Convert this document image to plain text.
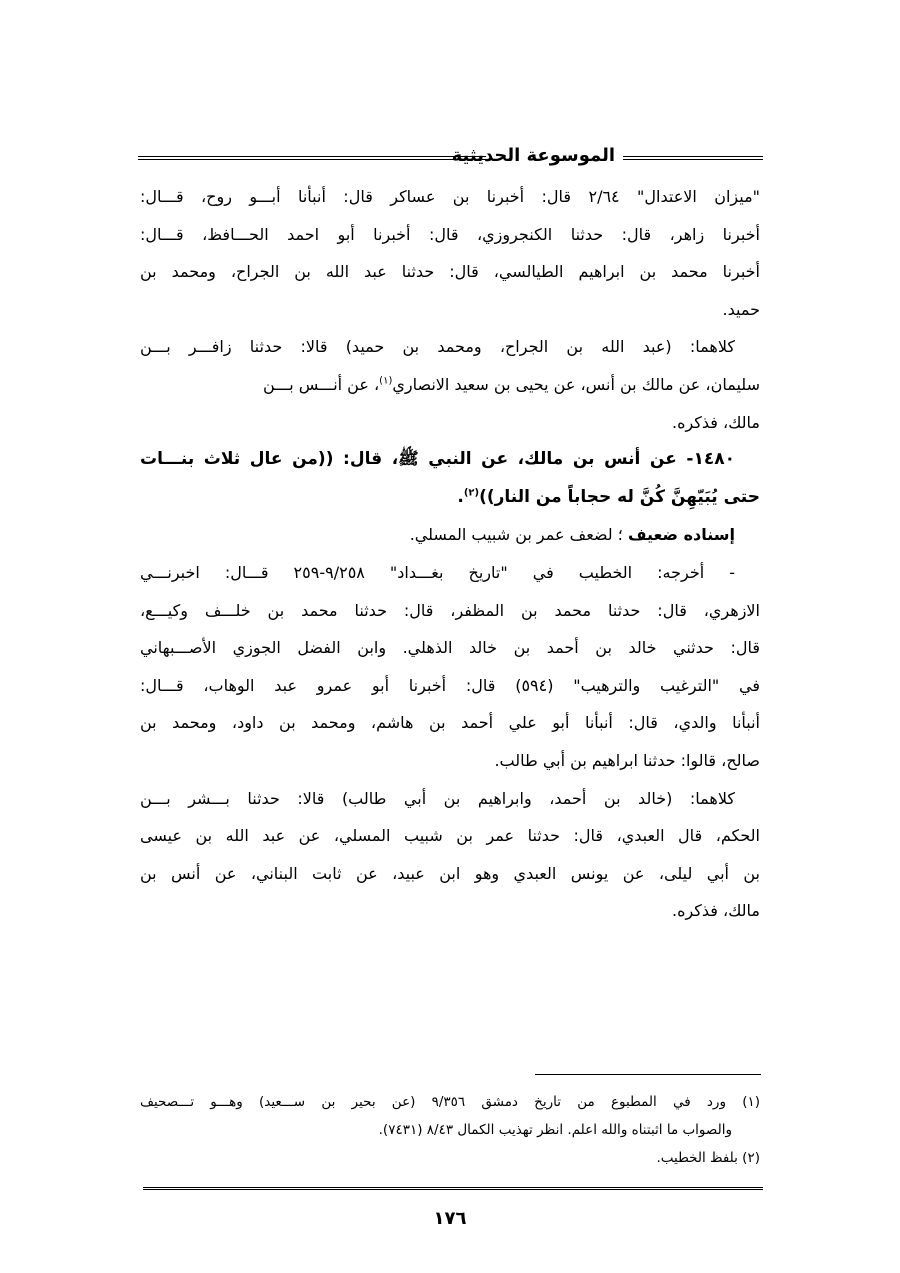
الموسوعة الحديثية
"ميزان الاعتدال" ٢/٦٤ قال: أخبرنا بن عساكر قال: أنبأنا أبـــو روح، قـــال:
أخبرنا زاهر، قال: حدثنا الكنجروزي، قال: أخبرنا أبو احمد الحـــافظ، قـــال:
أخبرنا محمد بن ابراهيم الطيالسي، قال: حدثنا عبد الله بن الجراح، ومحمد بن
حميد.
كلاهما: (عبد الله بن الجراح، ومحمد بن حميد) قالا: حدثنا زافـــر بـــن
سليمان، عن مالك بن أنس، عن يحيى بن سعيد الانصاري$^{(١)}$، عن أنـــس بـــن
مالك، فذكره.
١٤٨٠- عن أنس بن مالك، عن النبي ﷺ، قال: ((من عال ثلاث بنـــات
حتى يُبَيّهِنَّ كُنَّ له حجاباً من النار))$^{(٢)}$.
إسناده ضعيف ؛ لضعف عمر بن شبيب المسلي.
- أخرجه: الخطيب في "تاريخ بغـــداد" ٩/٢٥٨-٢٥٩ قـــال: اخبرنـــي
الازهري، قال: حدثنا محمد بن المظفر، قال: حدثنا محمد بن خلـــف وكيـــع،
قال: حدثني خالد بن أحمد بن خالد الذهلي. وابن الفضل الجوزي الأصـــبهاني
في "الترغيب والترهيب" (٥٩٤) قال: أخبرنا أبو عمرو عبد الوهاب، قـــال:
أنبأنا والدي، قال: أنبأنا أبو علي أحمد بن هاشم، ومحمد بن داود، ومحمد بن
صالح، قالوا: حدثنا ابراهيم بن أبي طالب.
كلاهما: (خالد بن أحمد، وابراهيم بن أبي طالب) قالا: حدثنا بـــشر بـــن
الحكم، قال العبدي، قال: حدثنا عمر بن شبيب المسلي، عن عبد الله بن عيسى
بن أبي ليلى، عن يونس العبدي وهو ابن عبيد، عن ثابت البناني، عن أنس بن
مالك، فذكره.
(١) ورد في المطبوع من تاريخ دمشق ٩/٣٥٦ (عن بحير بن ســـعيد) وهـــو تـــصحيف
والصواب ما اثبتناه والله اعلم. انظر تهذيب الكمال ٨/٤٣ (٧٤٣١).
(٢) بلفظ الخطيب.
١٧٦
